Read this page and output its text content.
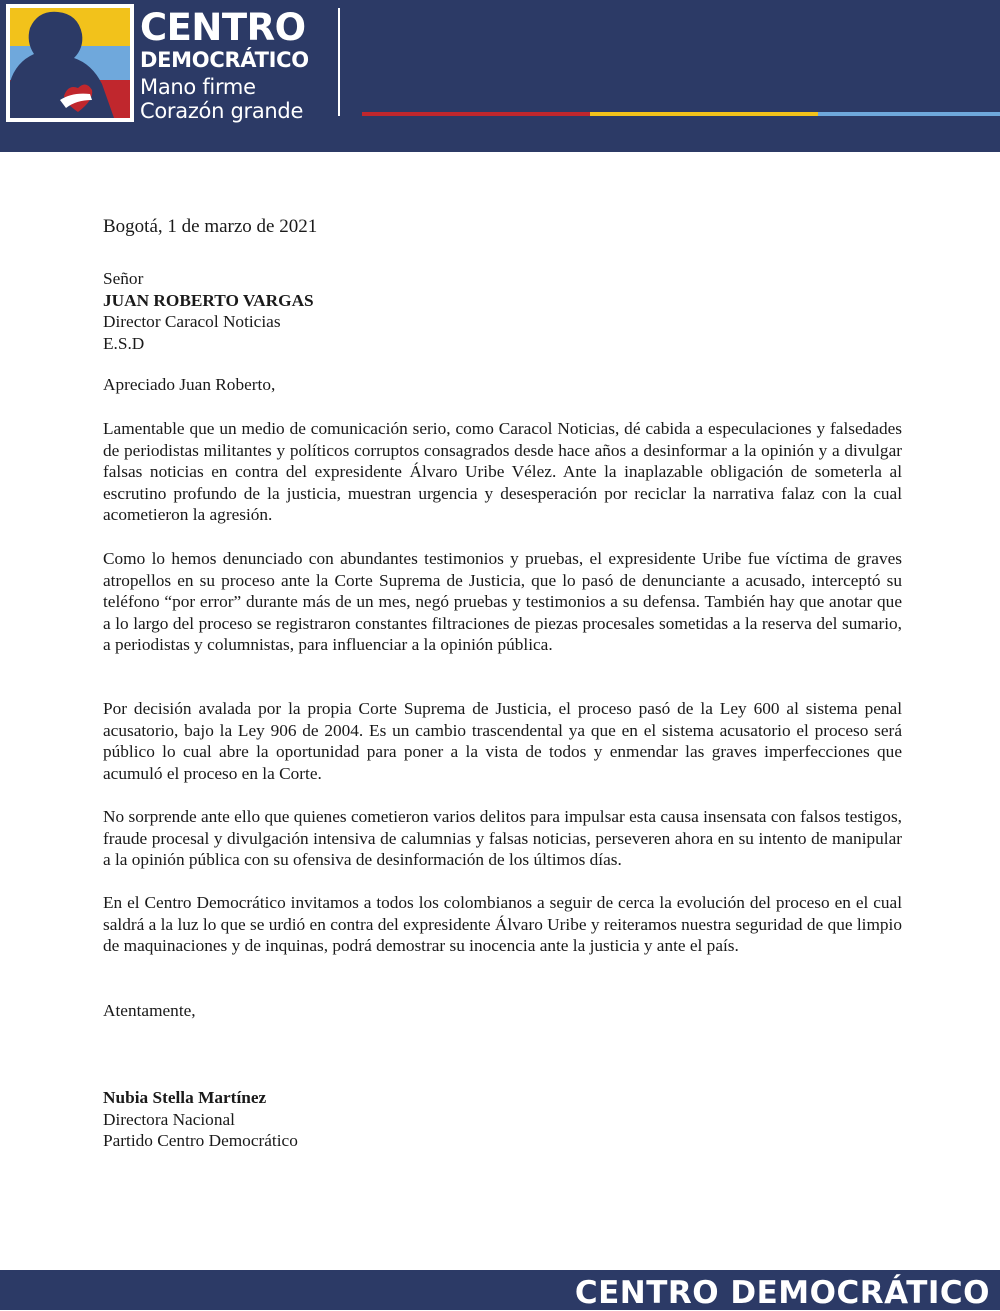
CENTRO
DEMOCRÁTICO
Mano firme
Corazón grande
Bogotá, 1 de marzo de 2021
Señor
JUAN ROBERTO VARGAS
Director Caracol Noticias
E.S.D
Apreciado Juan Roberto,

Lamentable que un medio de comunicación serio, como Caracol Noticias, dé cabida a especulaciones y falsedades de periodistas militantes y políticos corruptos consagrados desde hace años a desinformar a la opinión y a divulgar falsas noticias en contra del expresidente Álvaro Uribe Vélez. Ante la inaplazable obligación de someterla al escrutino profundo de la justicia, muestran urgencia y desesperación por reciclar la narrativa falaz con la cual acometieron la agresión.

Como lo hemos denunciado con abundantes testimonios y pruebas, el expresidente Uribe fue víctima de graves atropellos en su proceso ante la Corte Suprema de Justicia, que lo pasó de denunciante a acusado, interceptó su teléfono “por error” durante más de un mes, negó pruebas y testimonios a su defensa. También hay que anotar que a lo largo del proceso se registraron constantes filtraciones de piezas procesales sometidas a la reserva del sumario, a periodistas y columnistas, para influenciar a la opinión pública.

Por decisión avalada por la propia Corte Suprema de Justicia, el proceso pasó de la Ley 600 al sistema penal acusatorio, bajo la Ley 906 de 2004. Es un cambio trascendental ya que en el sistema acusatorio el proceso será público lo cual abre la oportunidad para poner a la vista de todos y enmendar las graves imperfecciones que acumuló el proceso en la Corte.

No sorprende ante ello que quienes cometieron varios delitos para impulsar esta causa insensata con falsos testigos, fraude procesal y divulgación intensiva de calumnias y falsas noticias, perseveren ahora en su intento de manipular a la opinión pública con su ofensiva de desinformación de los últimos días.

En el Centro Democrático invitamos a todos los colombianos a seguir de cerca la evolución del proceso en el cual saldrá a la luz lo que se urdió en contra del expresidente Álvaro Uribe y reiteramos nuestra seguridad de que limpio de maquinaciones y de inquinas, podrá demostrar su inocencia ante la justicia y ante el país.

Atentamente,
Nubia Stella Martínez
Directora Nacional
Partido Centro Democrático
CENTRO DEMOCRÁTICO
